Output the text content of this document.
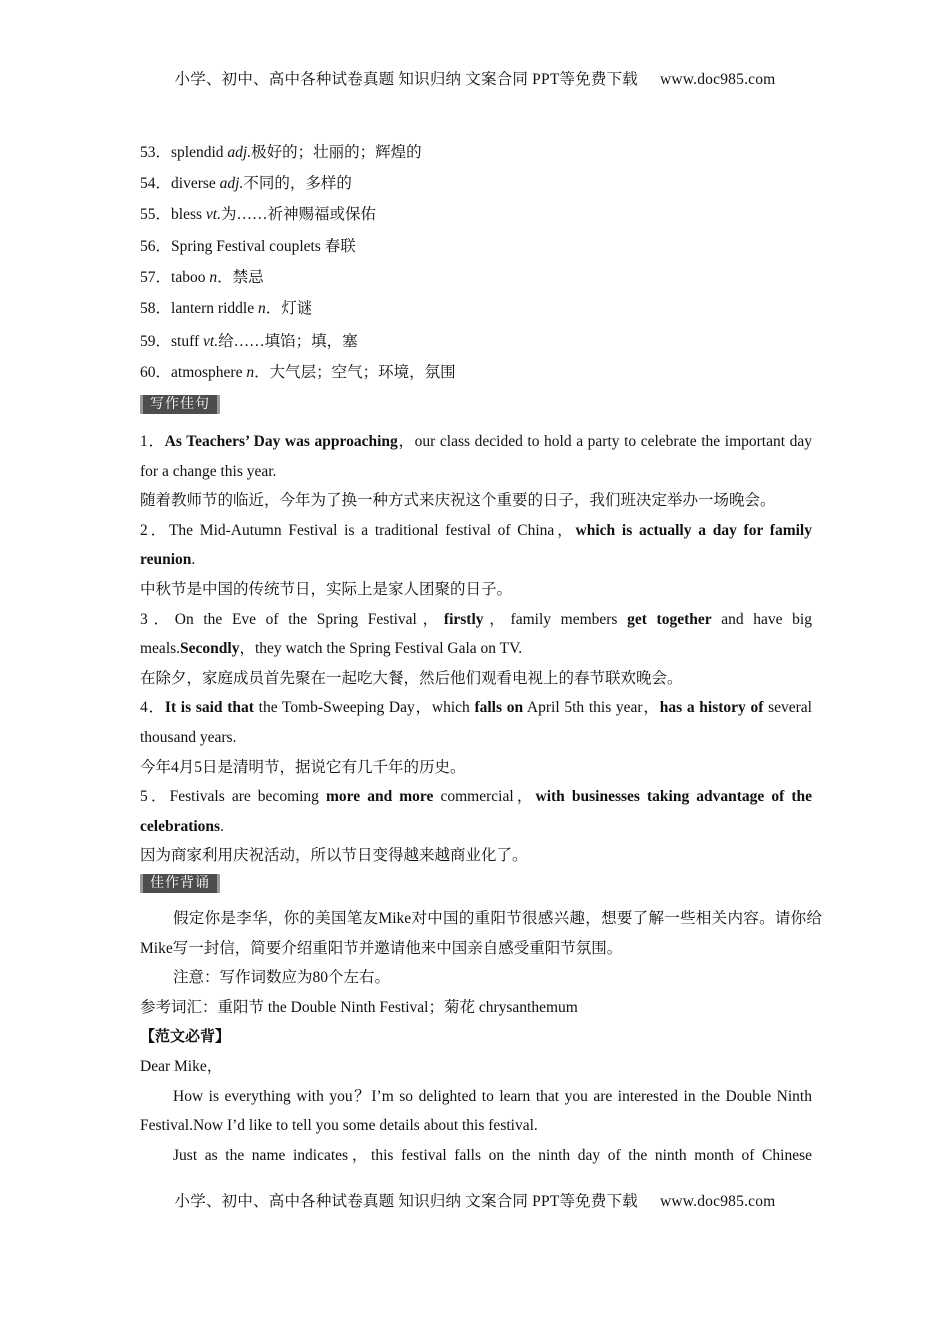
小学、初中、高中各种试卷真题 知识归纳 文案合同 PPT等免费下载 www.doc985.com
53．splendid adj.极好的；壮丽的；辉煌的
54．diverse adj.不同的，多样的
55．bless vt.为……祈神赐福或保佑
56．Spring Festival couplets 春联
57．taboo n．禁忌
58．lantern riddle n．灯谜
59．stuff vt.给……填馅；填，塞
60．atmosphere n．大气层；空气；环境，氛围
写作佳句
1．As Teachers’ Day was approaching，our class decided to hold a party to celebrate the important day for a change this year.
随着教师节的临近，今年为了换一种方式来庆祝这个重要的日子，我们班决定举办一场晚会。
2．The Mid-Autumn Festival is a traditional festival of China，which is actually a day for family reunion.
中秋节是中国的传统节日，实际上是家人团聚的日子。
3．On the Eve of the Spring Festival，firstly，family members get together and have big meals.Secondly，they watch the Spring Festival Gala on TV.
在除夕，家庭成员首先聚在一起吃大餐，然后他们观看电视上的春节联欢晚会。
4．It is said that the Tomb-Sweeping Day，which falls on April 5th this year，has a history of several thousand years.
今年4月5日是清明节，据说它有几千年的历史。
5．Festivals are becoming more and more commercial，with businesses taking advantage of the celebrations.
因为商家利用庆祝活动，所以节日变得越来越商业化了。
佳作背诵
假定你是李华，你的美国笔友Mike对中国的重阳节很感兴趣，想要了解一些相关内容。请你给Mike写一封信，简要介绍重阳节并邀请他来中国亲自感受重阳节氛围。
注意：写作词数应为80个左右。
参考词汇：重阳节 the Double Ninth Festival；菊花 chrysanthemum
【范文必背】
Dear Mike，
How is everything with you？I’m so delighted to learn that you are interested in the Double Ninth Festival.Now I’d like to tell you some details about this festival.
Just as the name indicates，this festival falls on the ninth day of the ninth month of Chinese
小学、初中、高中各种试卷真题 知识归纳 文案合同 PPT等免费下载 www.doc985.com
